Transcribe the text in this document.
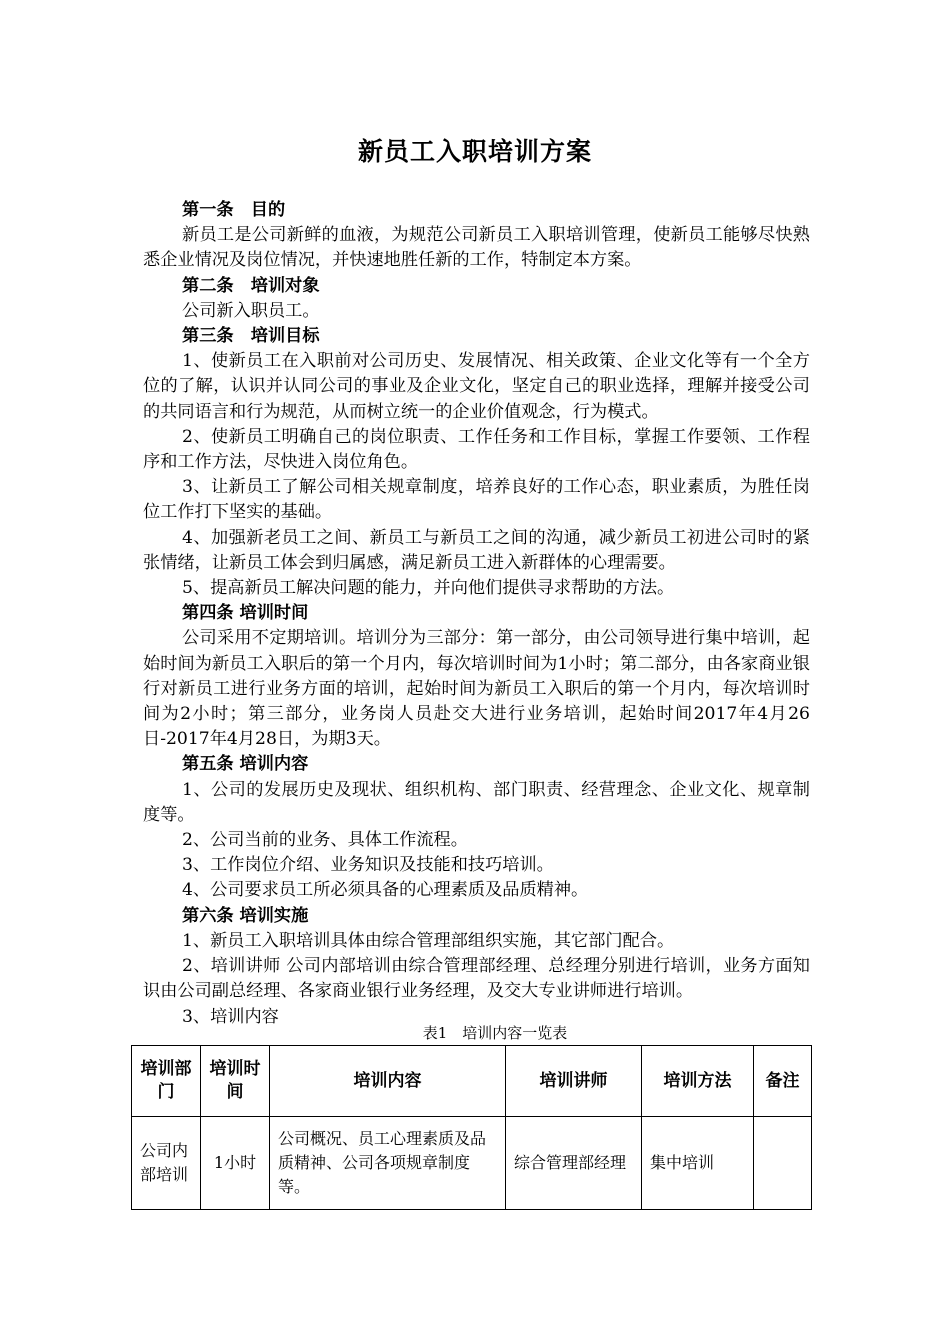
新员工入职培训方案

第一条　目的

新员工是公司新鲜的血液，为规范公司新员工入职培训管理，使新员工能够尽快熟悉企业情况及岗位情况，并快速地胜任新的工作，特制定本方案。

第二条　培训对象

公司新入职员工。

第三条　培训目标

1、使新员工在入职前对公司历史、发展情况、相关政策、企业文化等有一个全方位的了解，认识并认同公司的事业及企业文化，坚定自己的职业选择，理解并接受公司的共同语言和行为规范，从而树立统一的企业价值观念，行为模式。

2、使新员工明确自己的岗位职责、工作任务和工作目标，掌握工作要领、工作程序和工作方法，尽快进入岗位角色。

3、让新员工了解公司相关规章制度，培养良好的工作心态，职业素质，为胜任岗位工作打下坚实的基础。

4、加强新老员工之间、新员工与新员工之间的沟通，减少新员工初进公司时的紧张情绪，让新员工体会到归属感，满足新员工进入新群体的心理需要。

5、提高新员工解决问题的能力，并向他们提供寻求帮助的方法。

第四条 培训时间

公司采用不定期培训。培训分为三部分：第一部分，由公司领导进行集中培训，起始时间为新员工入职后的第一个月内，每次培训时间为1小时；第二部分，由各家商业银行对新员工进行业务方面的培训，起始时间为新员工入职后的第一个月内，每次培训时间为2小时；第三部分，业务岗人员赴交大进行业务培训，起始时间2017年4月26日-2017年4月28日，为期3天。

第五条 培训内容

1、公司的发展历史及现状、组织机构、部门职责、经营理念、企业文化、规章制度等。

2、公司当前的业务、具体工作流程。

3、工作岗位介绍、业务知识及技能和技巧培训。

4、公司要求员工所必须具备的心理素质及品质精神。

第六条 培训实施

1、新员工入职培训具体由综合管理部组织实施，其它部门配合。

2、培训讲师 公司内部培训由综合管理部经理、总经理分别进行培训，业务方面知识由公司副总经理、各家商业银行业务经理，及交大专业讲师进行培训。

3、培训内容

表1　培训内容一览表
培训部门	培训时间	培训内容	培训讲师	培训方法	备注
公司内部培训	1小时	公司概况、员工心理素质及品质精神、公司各项规章制度等。	综合管理部经理	集中培训	
